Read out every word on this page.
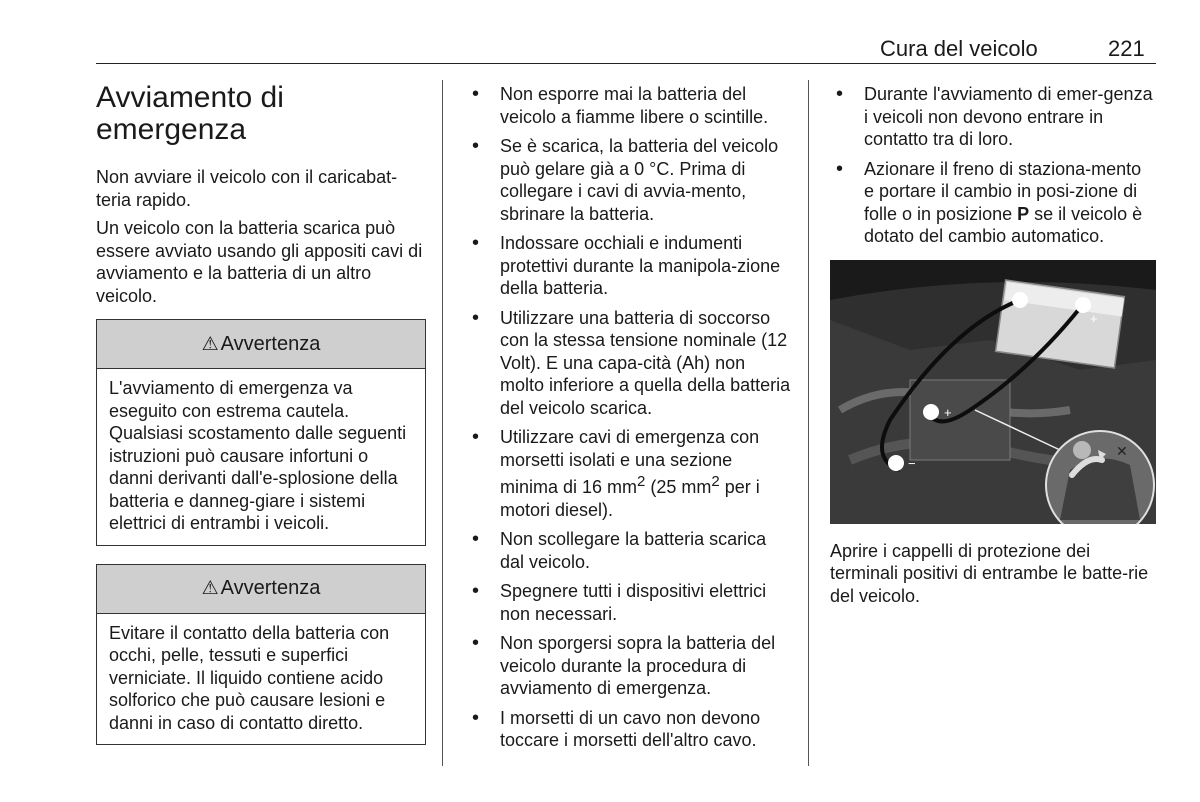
Cura del veicolo	221
Avviamento di
emergenza

Non avviare il veicolo con il caricabat-teria rapido.

Un veicolo con la batteria scarica può essere avviato usando gli appositi cavi di avviamento e la batteria di un altro veicolo.

⚠ Avvertenza
L'avviamento di emergenza va eseguito con estrema cautela. Qualsiasi scostamento dalle seguenti istruzioni può causare infortuni o danni derivanti dall'e-splosione della batteria e danneg-giare i sistemi elettrici di entrambi i veicoli.
⚠ Avvertenza
Evitare il contatto della batteria con occhi, pelle, tessuti e superfici verniciate. Il liquido contiene acido solforico che può causare lesioni e danni in caso di contatto diretto.
• Non esporre mai la batteria del veicolo a fiamme libere o scintille.
• Se è scarica, la batteria del veicolo può gelare già a 0 °C. Prima di collegare i cavi di avvia-mento, sbrinare la batteria.
• Indossare occhiali e indumenti protettivi durante la manipola-zione della batteria.
• Utilizzare una batteria di soccorso con la stessa tensione nominale (12 Volt). E una capa-cità (Ah) non molto inferiore a quella della batteria del veicolo scarica.
• Utilizzare cavi di emergenza con morsetti isolati e una sezione minima di 16 $mm^2$ (25 $mm^2$ per i motori diesel).
• Non scollegare la batteria scarica dal veicolo.
• Spegnere tutti i dispositivi elettrici non necessari.
• Non sporgersi sopra la batteria del veicolo durante la procedura di avviamento di emergenza.
• I morsetti di un cavo non devono toccare i morsetti dell'altro cavo.
• Durante l'avviamento di emer-genza i veicoli non devono entrare in contatto tra di loro.
• Azionare il freno di staziona-mento e portare il cambio in posi-zione di folle o in posizione P se il veicolo è dotato del cambio automatico.
✕
3	1
+
2 +
4 −

Aprire i cappelli di protezione dei terminali positivi di entrambe le batte-rie del veicolo.
